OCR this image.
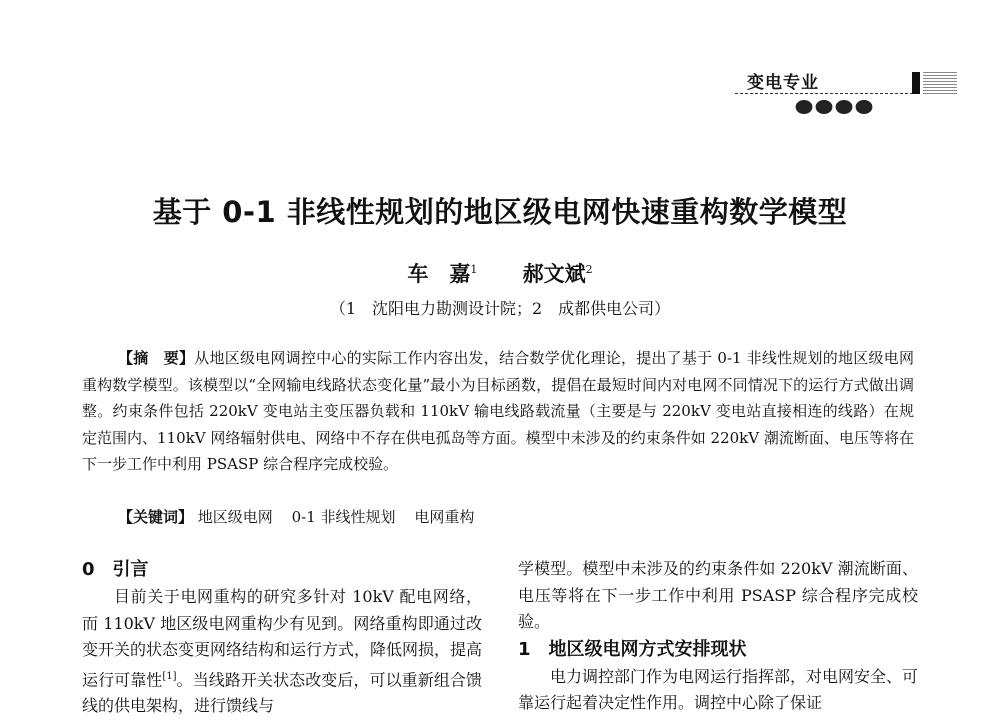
变电专业
基于 0-1 非线性规划的地区级电网快速重构数学模型
车　嘉$^1$ 郝文斌$^2$
（1　沈阳电力勘测设计院；2　成都供电公司）
【摘　要】从地区级电网调控中心的实际工作内容出发，结合数学优化理论，提出了基于 0-1 非线性规划的地区级电网重构数学模型。该模型以“全网输电线路状态变化量”最小为目标函数，提倡在最短时间内对电网不同情况下的运行方式做出调整。约束条件包括 220kV 变电站主变压器负载和 110kV 输电线路载流量（主要是与 220kV 变电站直接相连的线路）在规定范围内、110kV 网络辐射供电、网络中不存在供电孤岛等方面。模型中未涉及的约束条件如 220kV 潮流断面、电压等将在下一步工作中利用 PSASP 综合程序完成校验。
【关键词】 地区级电网 0-1 非线性规划 电网重构
0 引言
目前关于电网重构的研究多针对 10kV 配电网络，而 110kV 地区级电网重构少有见到。网络重构即通过改变开关的状态变更网络结构和运行方式，降低网损，提高运行可靠性[1]。当线路开关状态改变后，可以重新组合馈线的供电架构，进行馈线与
学模型。模型中未涉及的约束条件如 220kV 潮流断面、电压等将在下一步工作中利用 PSASP 综合程序完成校验。
1 地区级电网方式安排现状
电力调控部门作为电网运行指挥部，对电网安全、可靠运行起着决定性作用。调控中心除了保证
